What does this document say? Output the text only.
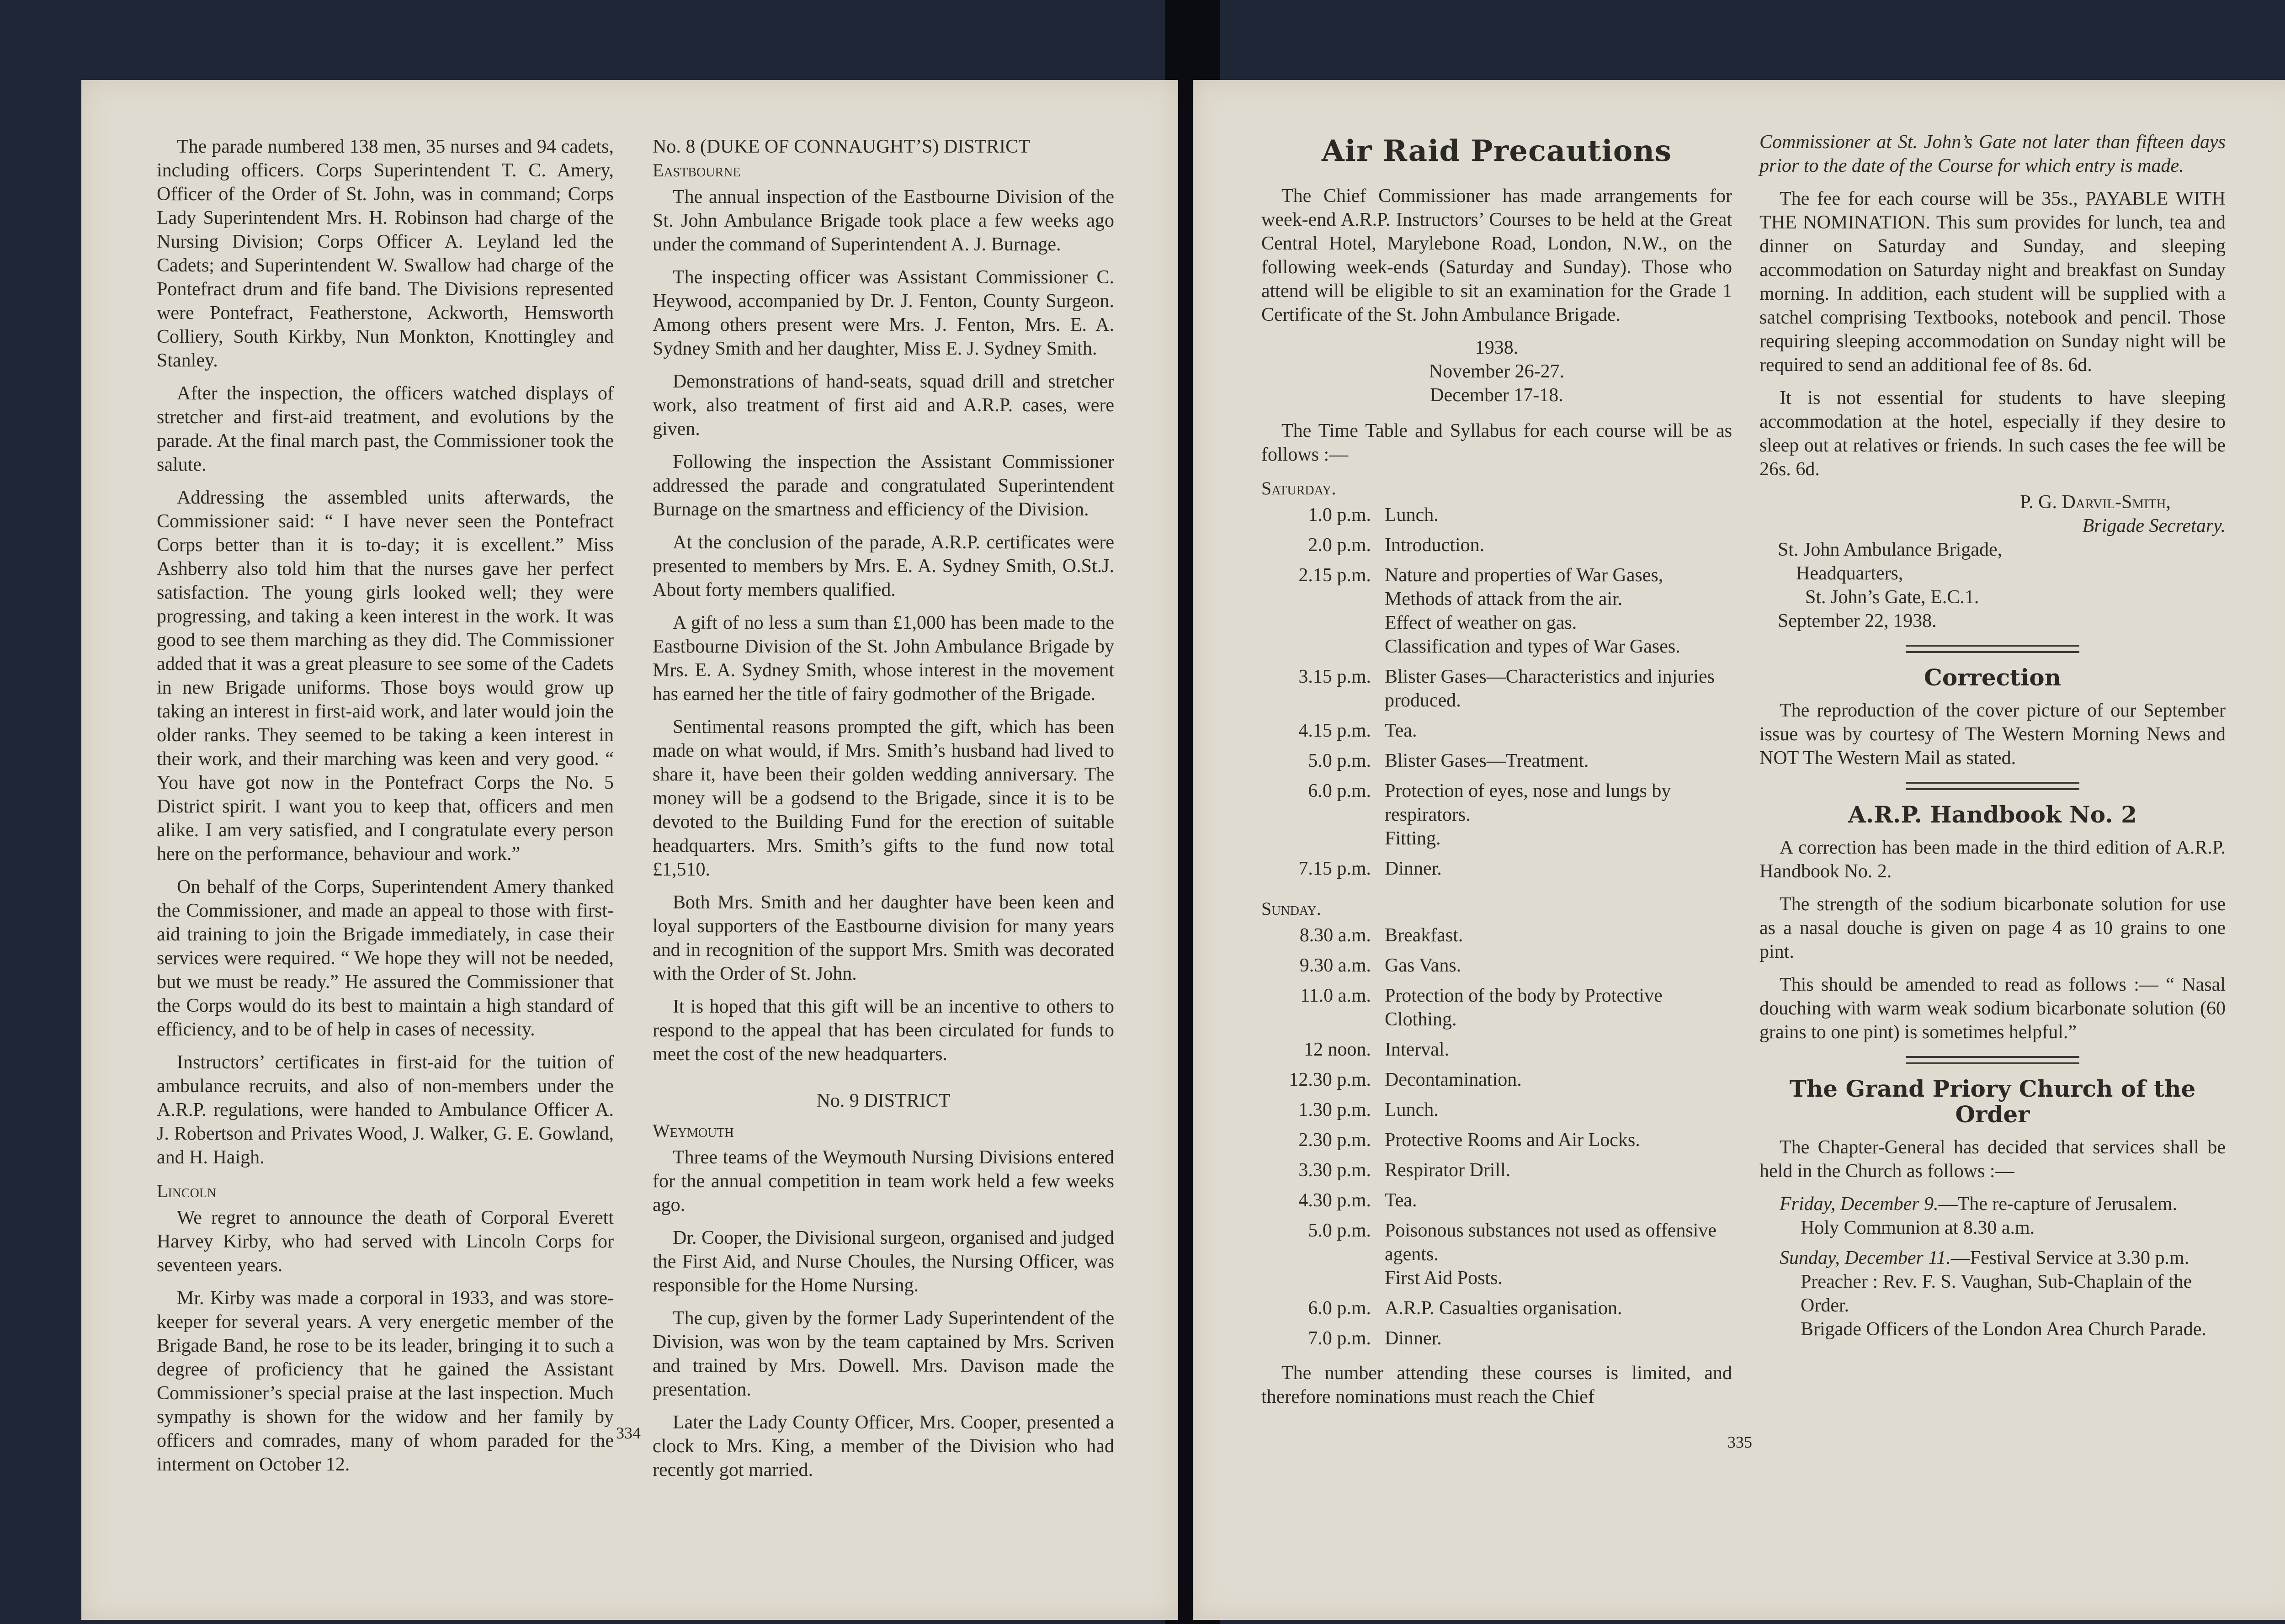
The parade numbered 138 men, 35 nurses and 94 cadets, including officers. Corps Superintendent T. C. Amery, Officer of the Order of St. John, was in command; Corps Lady Superintendent Mrs. H. Robinson had charge of the Nursing Division; Corps Officer A. Leyland led the Cadets; and Superintendent W. Swallow had charge of the Pontefract drum and fife band. The Divisions represented were Pontefract, Featherstone, Ackworth, Hemsworth Colliery, South Kirkby, Nun Monkton, Knottingley and Stanley.

After the inspection, the officers watched displays of stretcher and first-aid treatment, and evolutions by the parade. At the final march past, the Commissioner took the salute.

Addressing the assembled units afterwards, the Commissioner said: “ I have never seen the Pontefract Corps better than it is to-day; it is excellent.” Miss Ashberry also told him that the nurses gave her perfect satisfaction. The young girls looked well; they were progressing, and taking a keen interest in the work. It was good to see them marching as they did. The Commissioner added that it was a great pleasure to see some of the Cadets in new Brigade uniforms. Those boys would grow up taking an interest in first-aid work, and later would join the older ranks. They seemed to be taking a keen interest in their work, and their marching was keen and very good. “ You have got now in the Pontefract Corps the No. 5 District spirit. I want you to keep that, officers and men alike. I am very satisfied, and I congratulate every person here on the performance, behaviour and work.”

On behalf of the Corps, Superintendent Amery thanked the Commissioner, and made an appeal to those with first-aid training to join the Brigade immediately, in case their services were required. “ We hope they will not be needed, but we must be ready.” He assured the Commissioner that the Corps would do its best to maintain a high standard of efficiency, and to be of help in cases of necessity.

Instructors’ certificates in first-aid for the tuition of ambulance recruits, and also of non-members under the A.R.P. regulations, were handed to Ambulance Officer A. J. Robertson and Privates Wood, J. Walker, G. E. Gowland, and H. Haigh.

Lincoln

We regret to announce the death of Corporal Everett Harvey Kirby, who had served with Lincoln Corps for seventeen years.

Mr. Kirby was made a corporal in 1933, and was store-keeper for several years. A very energetic member of the Brigade Band, he rose to be its leader, bringing it to such a degree of proficiency that he gained the Assistant Commissioner’s special praise at the last inspection. Much sympathy is shown for the widow and her family by officers and comrades, many of whom paraded for the interment on October 12.

No. 8 (DUKE OF CONNAUGHT’S) DISTRICT

Eastbourne

The annual inspection of the Eastbourne Division of the St. John Ambulance Brigade took place a few weeks ago under the command of Superintendent A. J. Burnage.

The inspecting officer was Assistant Commissioner C. Heywood, accompanied by Dr. J. Fenton, County Surgeon. Among others present were Mrs. J. Fenton, Mrs. E. A. Sydney Smith and her daughter, Miss E. J. Sydney Smith.

Demonstrations of hand-seats, squad drill and stretcher work, also treatment of first aid and A.R.P. cases, were given.

Following the inspection the Assistant Commissioner addressed the parade and congratulated Superintendent Burnage on the smartness and efficiency of the Division.

At the conclusion of the parade, A.R.P. certificates were presented to members by Mrs. E. A. Sydney Smith, O.St.J. About forty members qualified.

A gift of no less a sum than £1,000 has been made to the Eastbourne Division of the St. John Ambulance Brigade by Mrs. E. A. Sydney Smith, whose interest in the movement has earned her the title of fairy godmother of the Brigade.

Sentimental reasons prompted the gift, which has been made on what would, if Mrs. Smith’s husband had lived to share it, have been their golden wedding anniversary. The money will be a godsend to the Brigade, since it is to be devoted to the Building Fund for the erection of suitable headquarters. Mrs. Smith’s gifts to the fund now total £1,510.

Both Mrs. Smith and her daughter have been keen and loyal supporters of the Eastbourne division for many years and in recognition of the support Mrs. Smith was decorated with the Order of St. John.

It is hoped that this gift will be an incentive to others to respond to the appeal that has been circulated for funds to meet the cost of the new headquarters.

No. 9 DISTRICT
Weymouth

Three teams of the Weymouth Nursing Divisions entered for the annual competition in team work held a few weeks ago.

Dr. Cooper, the Divisional surgeon, organised and judged the First Aid, and Nurse Choules, the Nursing Officer, was responsible for the Home Nursing.

The cup, given by the former Lady Superintendent of the Division, was won by the team captained by Mrs. Scriven and trained by Mrs. Dowell. Mrs. Davison made the presentation.

Later the Lady County Officer, Mrs. Cooper, presented a clock to Mrs. King, a member of the Division who had recently got married.

334
Air Raid Precautions

The Chief Commissioner has made arrangements for week-end A.R.P. Instructors’ Courses to be held at the Great Central Hotel, Marylebone Road, London, N.W., on the following week-ends (Saturday and Sunday). Those who attend will be eligible to sit an examination for the Grade 1 Certificate of the St. John Ambulance Brigade.

1938.
November 26-27.
December 17-18.

The Time Table and Syllabus for each course will be as follows :—

Saturday.
1.0 p.m.	Lunch.

2.0 p.m.	Introduction.

2.15 p.m.	Nature and properties of War Gases, Methods of attack from the air.
Effect of weather on gas.
Classification and types of War Gases.

3.15 p.m.	Blister Gases—Characteristics and injuries produced.

4.15 p.m.	Tea.

5.0 p.m.	Blister Gases—Treatment.

6.0 p.m.	Protection of eyes, nose and lungs by respirators.
Fitting.

7.15 p.m.	Dinner.
Sunday.
8.30 a.m.	Breakfast.

9.30 a.m.	Gas Vans.

11.0 a.m.	Protection of the body by Protective Clothing.

12 noon.	Interval.

12.30 p.m.	Decontamination.

1.30 p.m.	Lunch.

2.30 p.m.	Protective Rooms and Air Locks.

3.30 p.m.	Respirator Drill.

4.30 p.m.	Tea.

5.0 p.m.	Poisonous substances not used as offensive agents.
First Aid Posts.

6.0 p.m.	A.R.P. Casualties organisation.

7.0 p.m.	Dinner.

The number attending these courses is limited, and therefore nominations must reach the Chief

Commissioner at St. John’s Gate not later than fifteen days prior to the date of the Course for which entry is made.

The fee for each course will be 35s., PAYABLE WITH THE NOMINATION. This sum provides for lunch, tea and dinner on Saturday and Sunday, and sleeping accommodation on Saturday night and breakfast on Sunday morning. In addition, each student will be supplied with a satchel comprising Textbooks, notebook and pencil. Those requiring sleeping accommodation on Sunday night will be required to send an additional fee of 8s. 6d.

It is not essential for students to have sleeping accommodation at the hotel, especially if they desire to sleep out at relatives or friends. In such cases the fee will be 26s. 6d.

P. G. Darvil-Smith,
Brigade Secretary.
St. John Ambulance Brigade,
Headquarters,
St. John’s Gate, E.C.1.
September 22, 1938.
Correction

The reproduction of the cover picture of our September issue was by courtesy of The Western Morning News and NOT The Western Mail as stated.

A.R.P. Handbook No. 2

A correction has been made in the third edition of A.R.P. Handbook No. 2.

The strength of the sodium bicarbonate solution for use as a nasal douche is given on page 4 as 10 grains to one pint.

This should be amended to read as follows :— “ Nasal douching with warm weak sodium bicarbonate solution (60 grains to one pint) is sometimes helpful.”

The Grand Priory Church of the Order

The Chapter-General has decided that services shall be held in the Church as follows :—

Friday, December 9.—The re-capture of Jerusalem.
Holy Communion at 8.30 a.m.
Sunday, December 11.—Festival Service at 3.30 p.m.
Preacher : Rev. F. S. Vaughan, Sub-Chaplain of the Order.
Brigade Officers of the London Area Church Parade.
335
